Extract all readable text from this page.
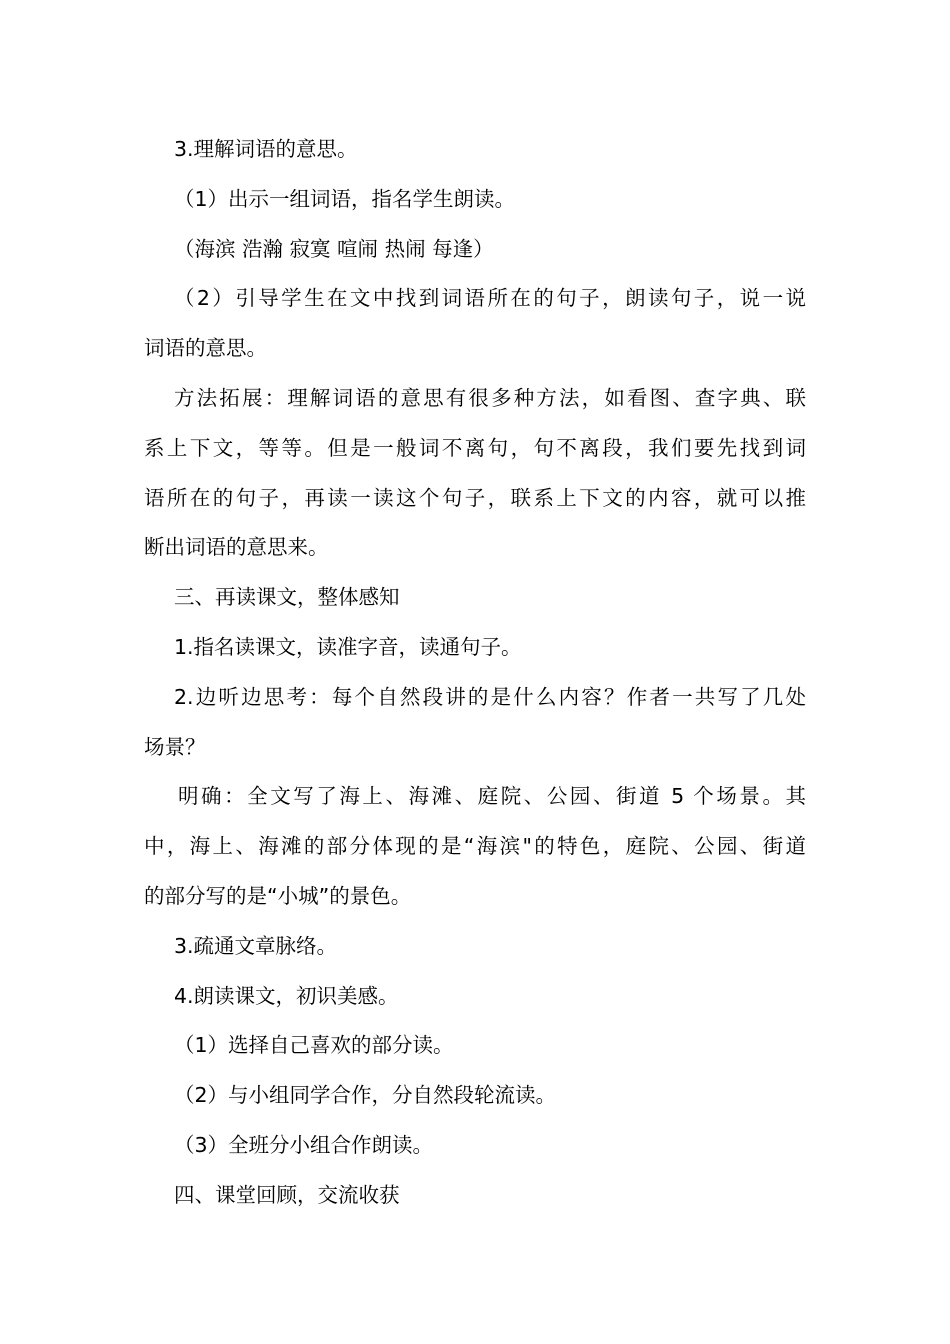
3.理解词语的意思。

（1）出示一组词语，指名学生朗读。

（海滨 浩瀚 寂寞 喧闹 热闹 每逢）

（2）引导学生在文中找到词语所在的句子，朗读句子，说一说
词语的意思。
方法拓展：理解词语的意思有很多种方法，如看图、查字典、联
系上下文，等等。但是一般词不离句，句不离段，我们要先找到词
语所在的句子，再读一读这个句子，联系上下文的内容，就可以推
断出词语的意思来。

三、再读课文，整体感知

1.指名读课文，读准字音，读通句子。

2.边听边思考：每个自然段讲的是什么内容？作者一共写了几处
场景？
明确：全文写了海上、海滩、庭院、公园、街道 5 个场景。其
中，海上、海滩的部分体现的是“海滨"的特色，庭院、公园、街道
的部分写的是“小城”的景色。

3.疏通文章脉络。

4.朗读课文，初识美感。

（1）选择自己喜欢的部分读。

（2）与小组同学合作，分自然段轮流读。

（3）全班分小组合作朗读。

四、课堂回顾，交流收获
